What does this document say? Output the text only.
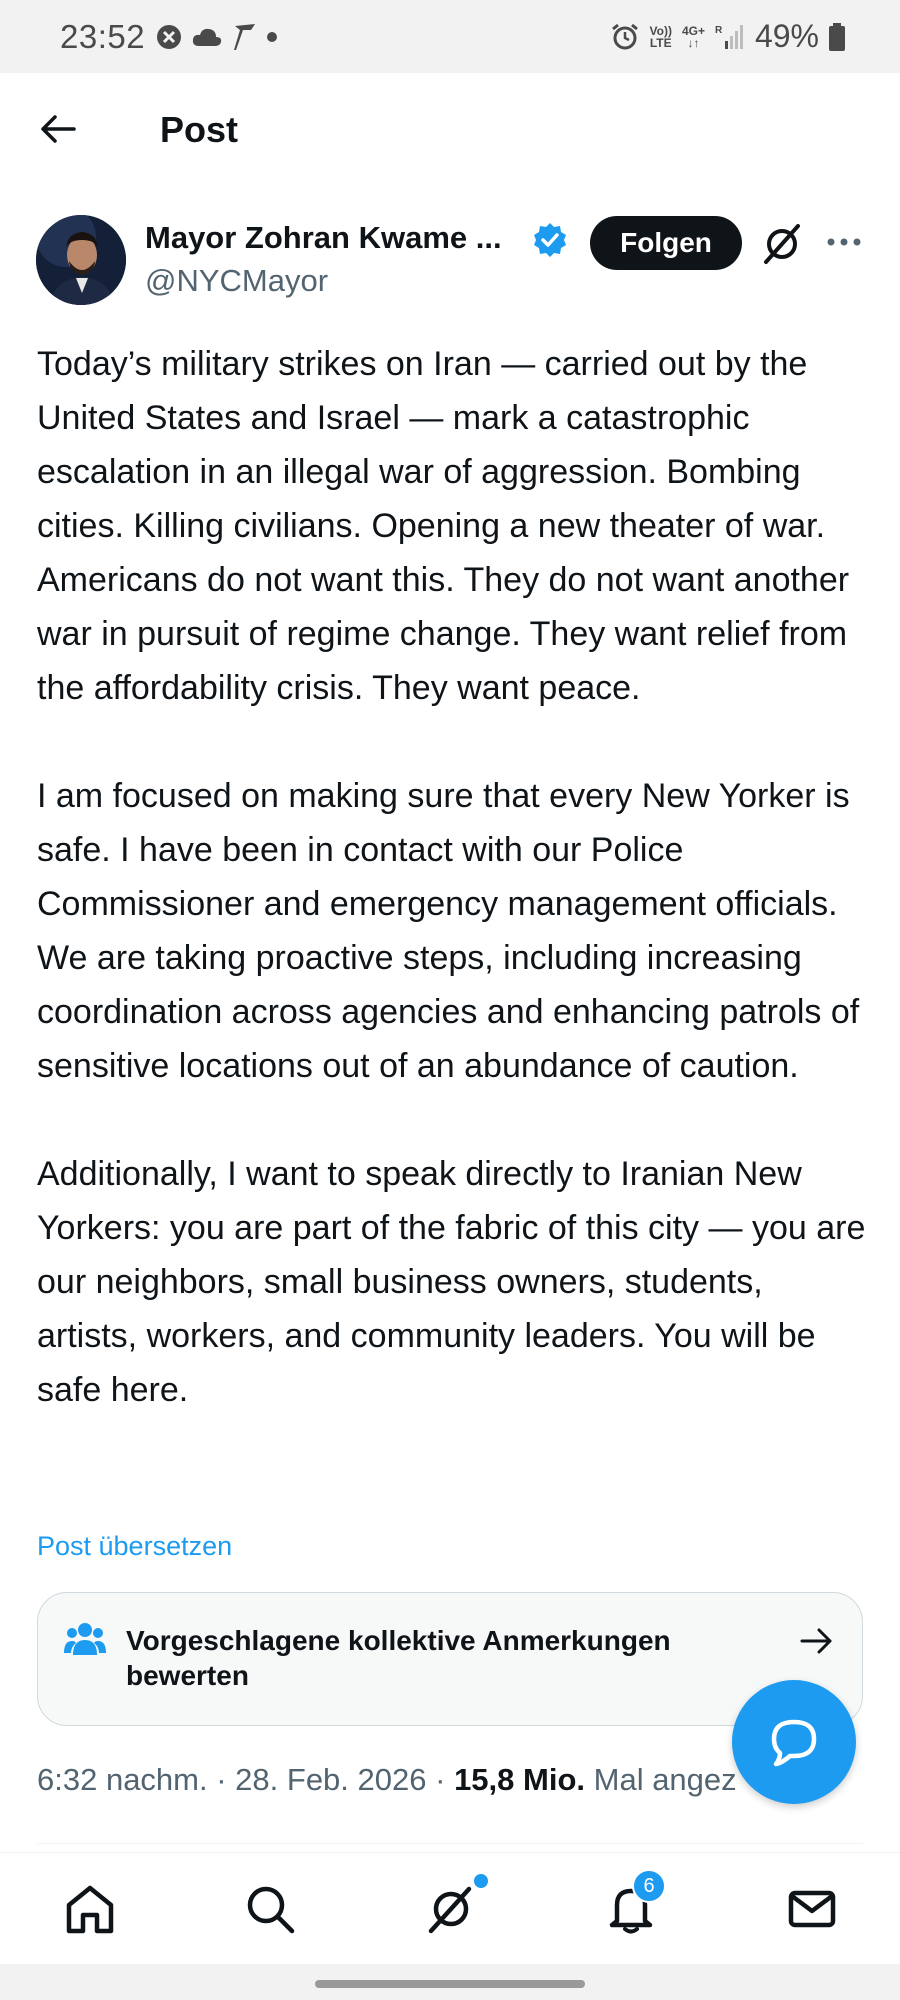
23:52	Vo))
LTE
4G+
↓↑
R 49%
Post
Mayor Zohran Kwame ...
@NYCMayor
Folgen

Today’s military strikes on Iran — carried out by the United States and Israel — mark a catastrophic escalation in an illegal war of aggression. Bombing cities. Killing civilians. Opening a new theater of war. Americans do not want this. They do not want another war in pursuit of regime change. They want relief from the affordability crisis. They want peace.

I am focused on making sure that every New Yorker is safe. I have been in contact with our Police Commissioner and emergency management officials. We are taking proactive steps, including increasing coordination across agencies and enhancing patrols of sensitive locations out of an abundance of caution.

Additionally, I want to speak directly to Iranian New Yorkers: you are part of the fabric of this city — you are our neighbors, small business owners, students, artists, workers, and community leaders. You will be safe here.

Post übersetzen
Vorgeschlagene kollektive Anmerkungen bewerten
6:32 nachm. · 28. Feb. 2026 · 15,8 Mio. Mal angez
6
